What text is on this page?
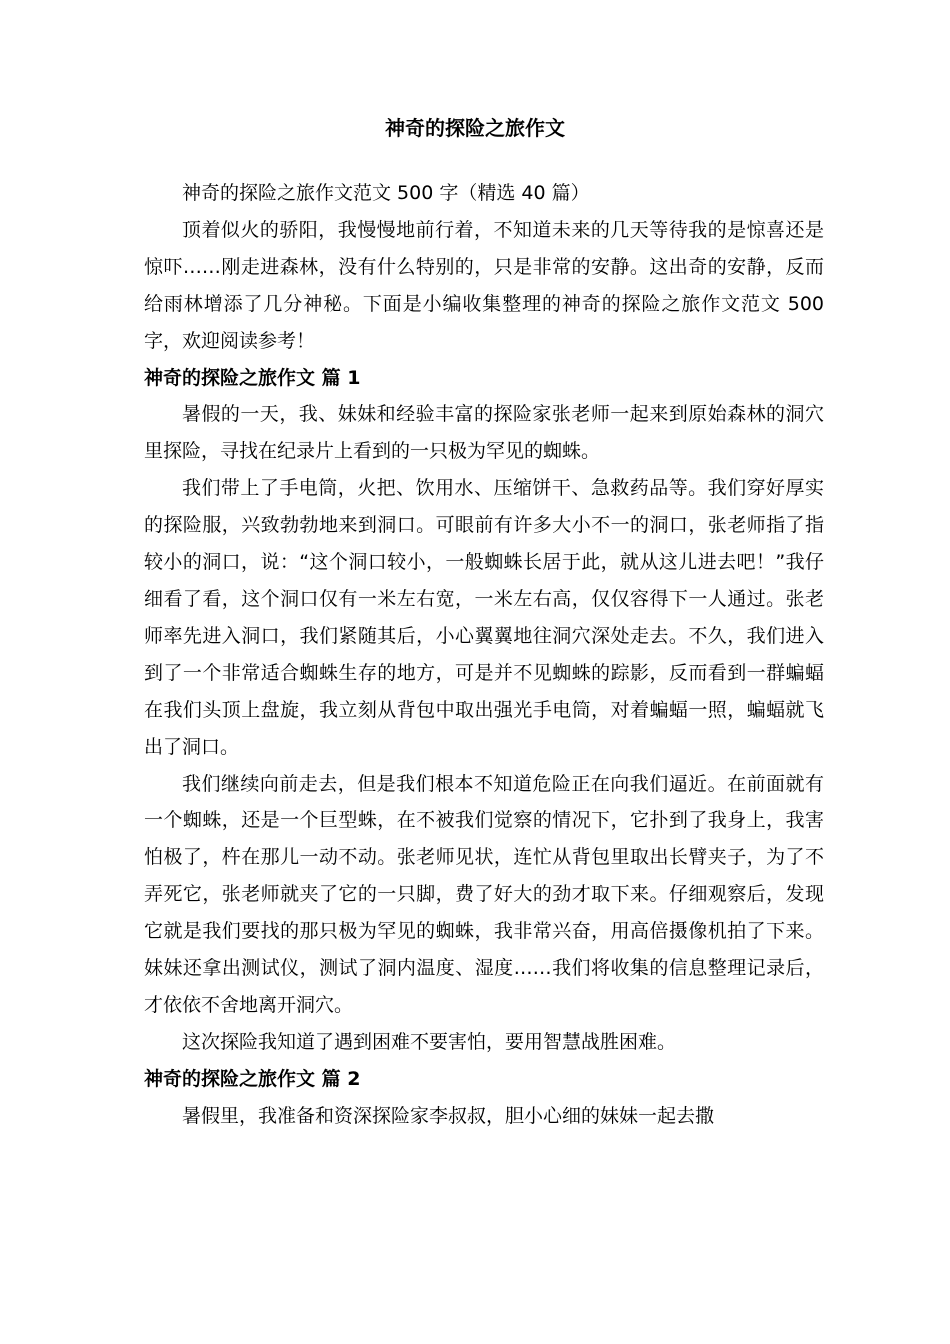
神奇的探险之旅作文

神奇的探险之旅作文范文 500 字（精选 40 篇）

顶着似火的骄阳，我慢慢地前行着，不知道未来的几天等待我的是惊喜还是惊吓……刚走进森林，没有什么特别的，只是非常的安静。这出奇的安静，反而给雨林增添了几分神秘。下面是小编收集整理的神奇的探险之旅作文范文 500 字，欢迎阅读参考！

神奇的探险之旅作文 篇 1

暑假的一天，我、妹妹和经验丰富的探险家张老师一起来到原始森林的洞穴里探险，寻找在纪录片上看到的一只极为罕见的蜘蛛。

我们带上了手电筒，火把、饮用水、压缩饼干、急救药品等。我们穿好厚实的探险服，兴致勃勃地来到洞口。可眼前有许多大小不一的洞口，张老师指了指较小的洞口，说：“这个洞口较小，一般蜘蛛长居于此，就从这儿进去吧！”我仔细看了看，这个洞口仅有一米左右宽，一米左右高，仅仅容得下一人通过。张老师率先进入洞口，我们紧随其后，小心翼翼地往洞穴深处走去。不久，我们进入到了一个非常适合蜘蛛生存的地方，可是并不见蜘蛛的踪影，反而看到一群蝙蝠在我们头顶上盘旋，我立刻从背包中取出强光手电筒，对着蝙蝠一照，蝙蝠就飞出了洞口。

我们继续向前走去，但是我们根本不知道危险正在向我们逼近。在前面就有一个蜘蛛，还是一个巨型蛛，在不被我们觉察的情况下，它扑到了我身上，我害怕极了，杵在那儿一动不动。张老师见状，连忙从背包里取出长臂夹子，为了不弄死它，张老师就夹了它的一只脚，费了好大的劲才取下来。仔细观察后，发现它就是我们要找的那只极为罕见的蜘蛛，我非常兴奋，用高倍摄像机拍了下来。妹妹还拿出测试仪，测试了洞内温度、湿度……我们将收集的信息整理记录后，才依依不舍地离开洞穴。

这次探险我知道了遇到困难不要害怕，要用智慧战胜困难。

神奇的探险之旅作文 篇 2

暑假里，我准备和资深探险家李叔叔，胆小心细的妹妹一起去撒
